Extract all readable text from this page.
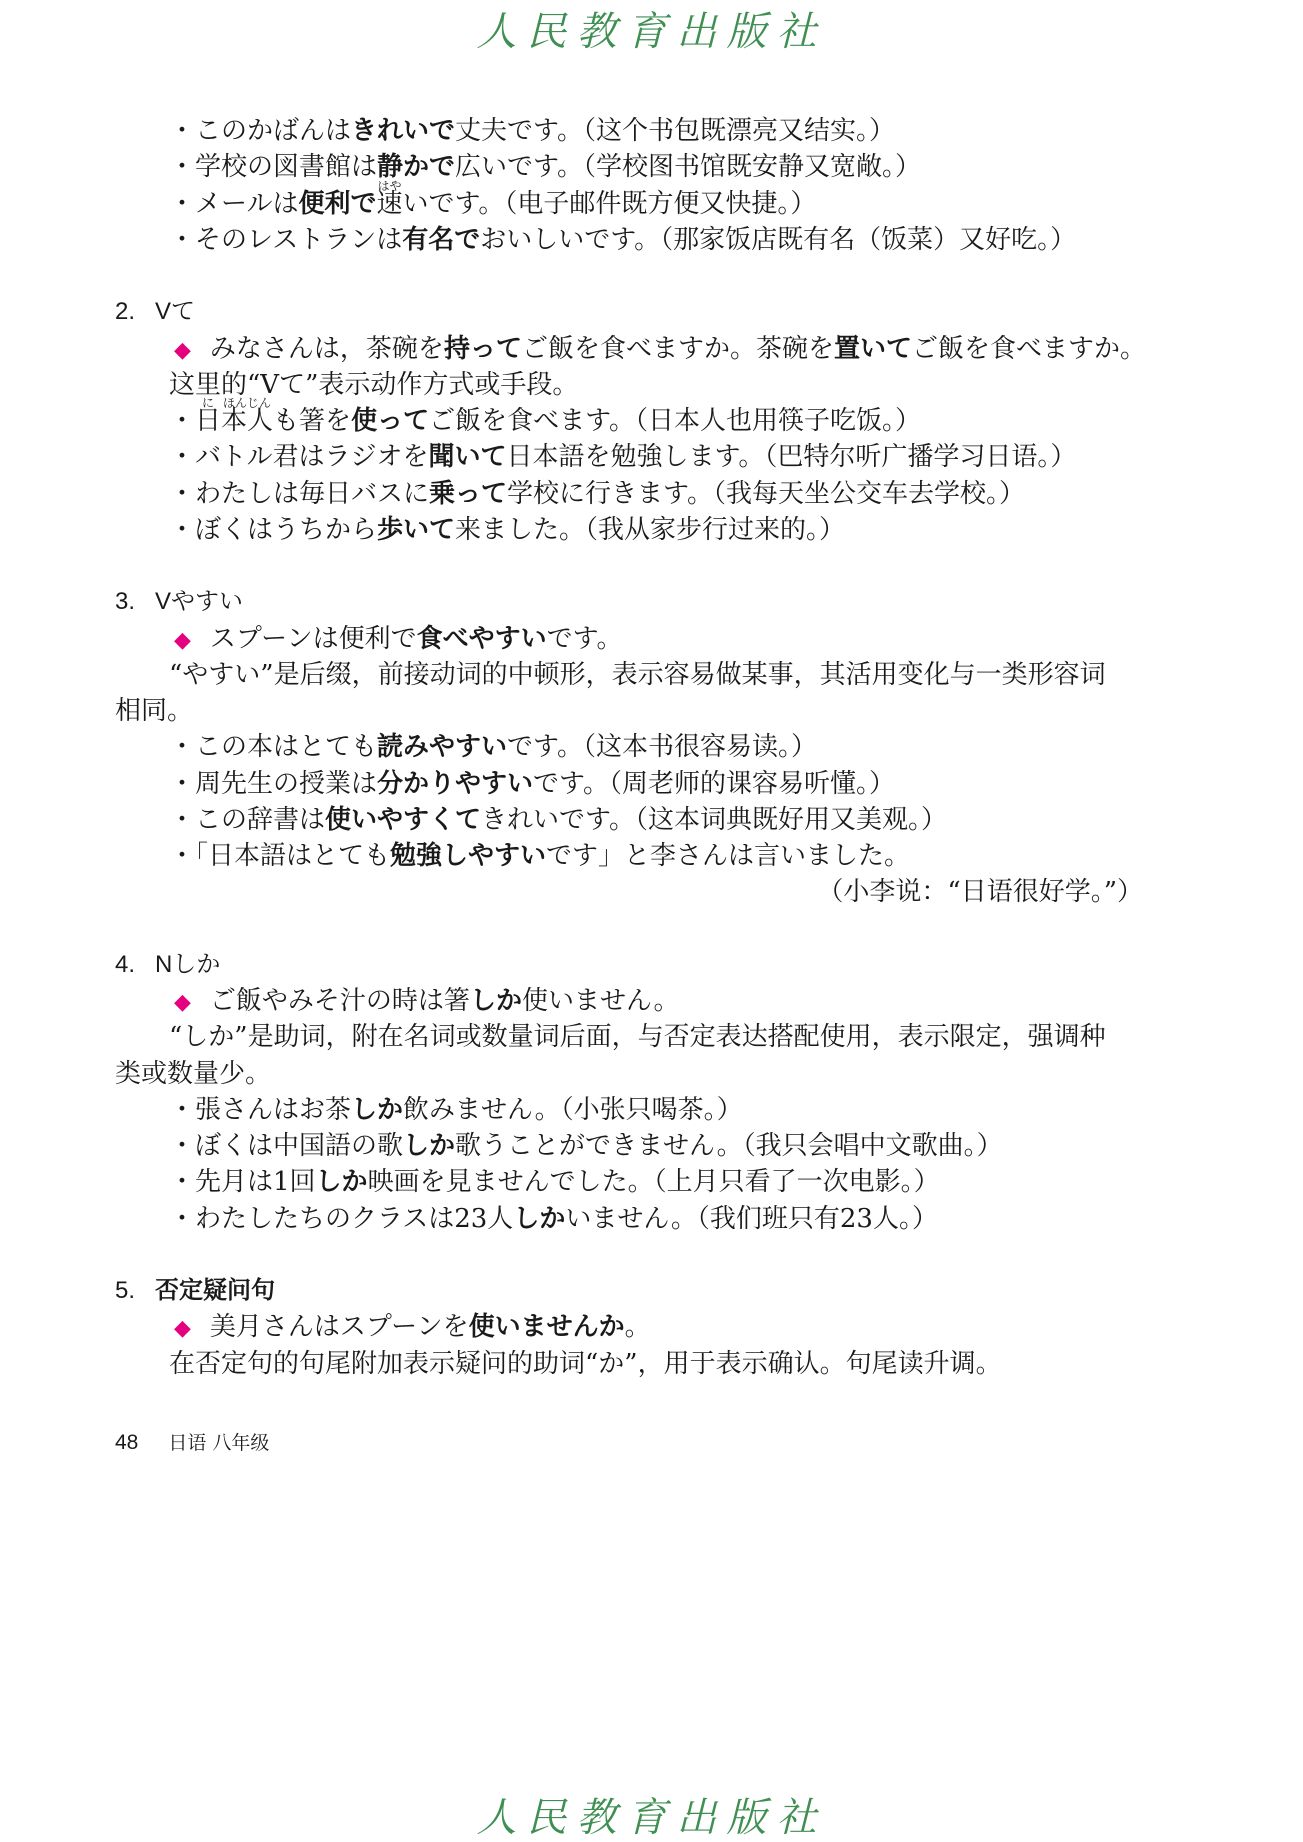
人民教育出版社
・このかばんはきれいで丈夫です。（这个书包既漂亮又结实。）
・学校の図書館は静かで広いです。（学校图书馆既安静又宽敞。）
・メールは便利で速
はや
いです。（电子邮件既方便又快捷。）
・そのレストランは有名でおいしいです。（那家饭店既有名（饭菜）又好吃。）
2. Vて
◆ みなさんは，茶碗を持ってご飯を食べますか。茶碗を置いてご飯を食べますか。
这里的“Vて”表示动作方式或手段。
・日
に
本人
ほんじん
も箸を使ってご飯を食べます。（日本人也用筷子吃饭。）
・バトル君はラジオを聞いて日本語を勉強します。（巴特尔听广播学习日语。）
・わたしは毎日バスに乗って学校に行きます。（我每天坐公交车去学校。）
・ぼくはうちから歩いて来ました。（我从家步行过来的。）
3. Vやすい
◆ スプーンは便利で食べやすいです。
“やすい”是后缀，前接动词的中顿形，表示容易做某事，其活用变化与一类形容词
相同。
・この本はとても読みやすいです。（这本书很容易读。）
・周先生の授業は分かりやすいです。（周老师的课容易听懂。）
・この辞書は使いやすくてきれいです。（这本词典既好用又美观。）
・「日本語はとても勉強しやすいです」と李さんは言いました。
（小李说：“日语很好学。”）
4. Nしか
◆ ご飯やみそ汁の時は箸しか使いません。
“しか”是助词，附在名词或数量词后面，与否定表达搭配使用，表示限定，强调种
类或数量少。
・張さんはお茶しか飲みません。（小张只喝茶。）
・ぼくは中国語の歌しか歌うことができません。（我只会唱中文歌曲。）
・先月は1回しか映画を見ませんでした。（上月只看了一次电影。）
・わたしたちのクラスは23人しかいません。（我们班只有23人。）
5. 否定疑问句
◆ 美月さんはスプーンを使いませんか。
在否定句的句尾附加表示疑问的助词“か”，用于表示确认。句尾读升调。
48 日语 八年级
人民教育出版社
